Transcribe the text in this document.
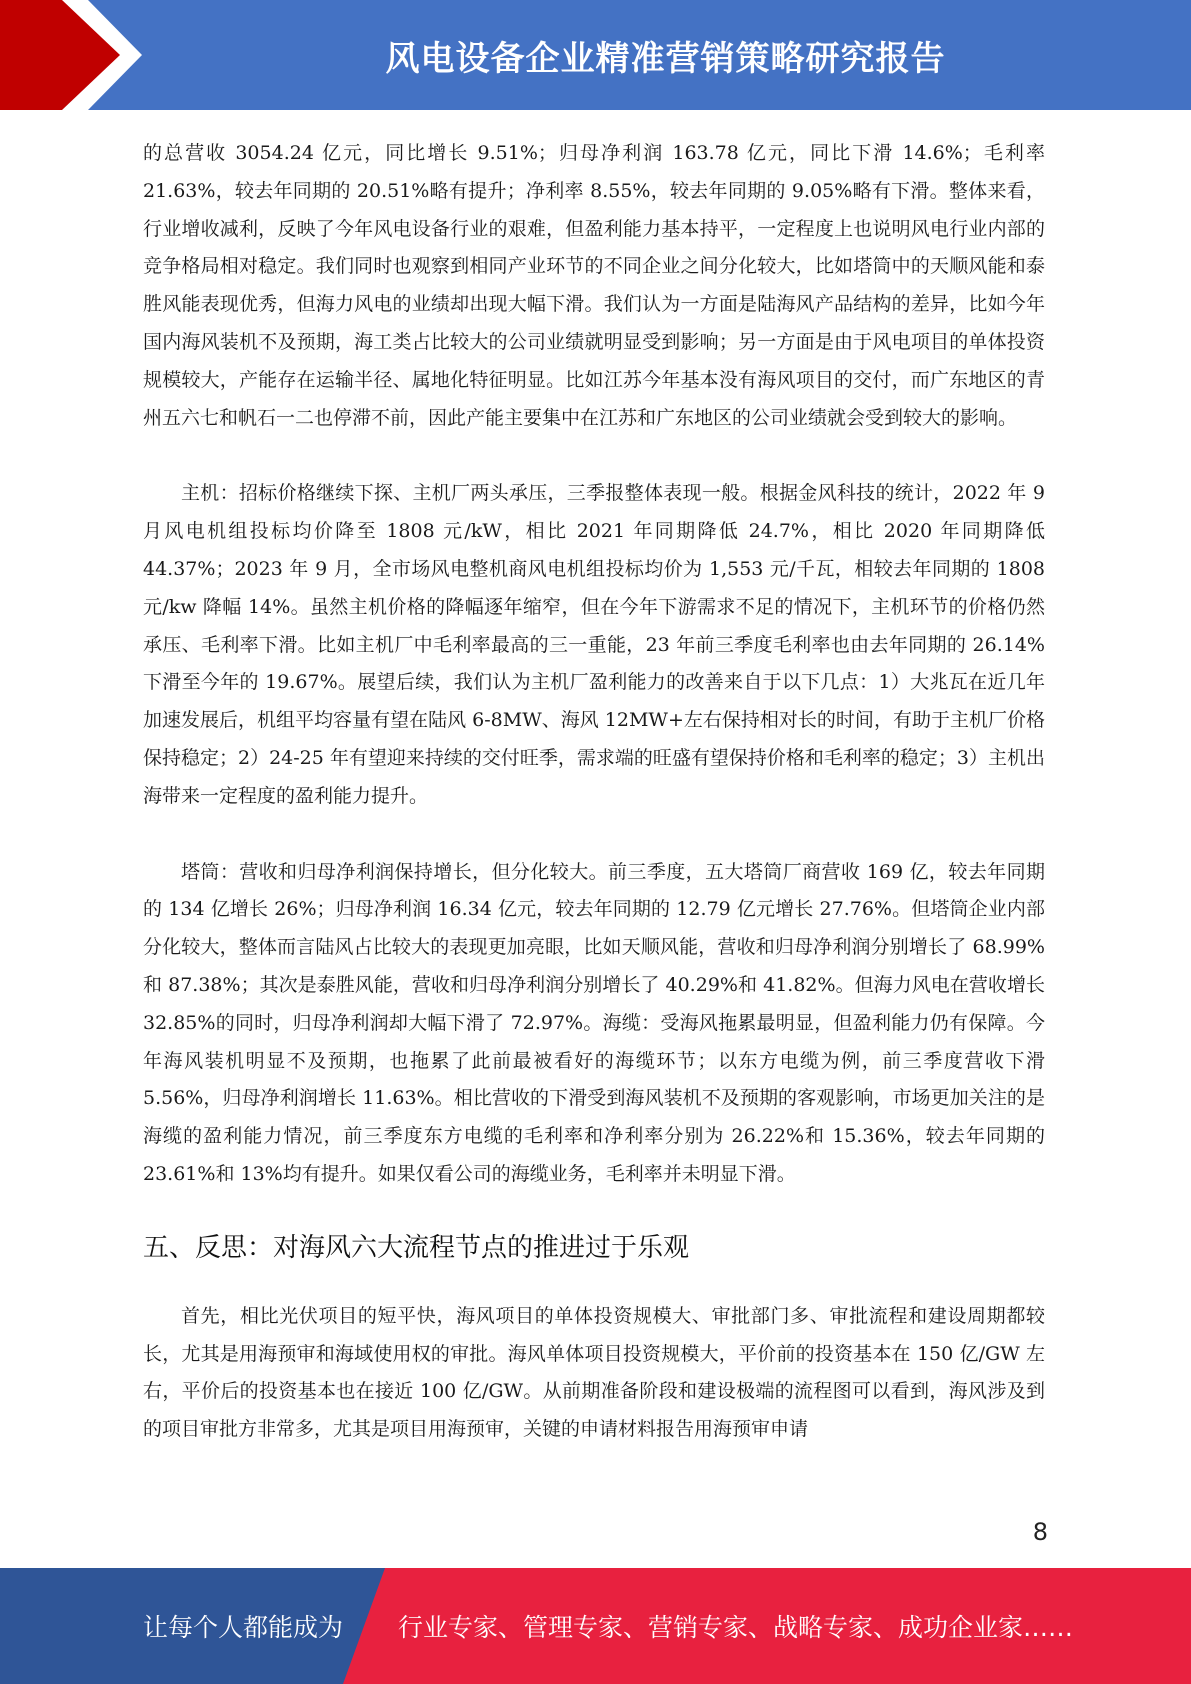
风电设备企业精准营销策略研究报告

的总营收 3054.24 亿元，同比增长 9.51%；归母净利润 163.78 亿元，同比下滑 14.6%；毛利率 21.63%，较去年同期的 20.51%略有提升；净利率 8.55%，较去年同期的 9.05%略有下滑。整体来看，行业增收减利，反映了今年风电设备行业的艰难，但盈利能力基本持平，一定程度上也说明风电行业内部的竞争格局相对稳定。我们同时也观察到相同产业环节的不同企业之间分化较大，比如塔筒中的天顺风能和泰胜风能表现优秀，但海力风电的业绩却出现大幅下滑。我们认为一方面是陆海风产品结构的差异，比如今年国内海风装机不及预期，海工类占比较大的公司业绩就明显受到影响；另一方面是由于风电项目的单体投资规模较大，产能存在运输半径、属地化特征明显。比如江苏今年基本没有海风项目的交付，而广东地区的青州五六七和帆石一二也停滞不前，因此产能主要集中在江苏和广东地区的公司业绩就会受到较大的影响。

主机：招标价格继续下探、主机厂两头承压，三季报整体表现一般。根据金风科技的统计，2022 年 9 月风电机组投标均价降至 1808 元/kW，相比 2021 年同期降低 24.7%，相比 2020 年同期降低 44.37%；2023 年 9 月，全市场风电整机商风电机组投标均价为 1,553 元/千瓦，相较去年同期的 1808 元/kw 降幅 14%。虽然主机价格的降幅逐年缩窄，但在今年下游需求不足的情况下，主机环节的价格仍然承压、毛利率下滑。比如主机厂中毛利率最高的三一重能，23 年前三季度毛利率也由去年同期的 26.14%下滑至今年的 19.67%。展望后续，我们认为主机厂盈利能力的改善来自于以下几点：1）大兆瓦在近几年加速发展后，机组平均容量有望在陆风 6-8MW、海风 12MW+左右保持相对长的时间，有助于主机厂价格保持稳定；2）24-25 年有望迎来持续的交付旺季，需求端的旺盛有望保持价格和毛利率的稳定；3）主机出海带来一定程度的盈利能力提升。

塔筒：营收和归母净利润保持增长，但分化较大。前三季度，五大塔筒厂商营收 169 亿，较去年同期的 134 亿增长 26%；归母净利润 16.34 亿元，较去年同期的 12.79 亿元增长 27.76%。但塔筒企业内部分化较大，整体而言陆风占比较大的表现更加亮眼，比如天顺风能，营收和归母净利润分别增长了 68.99%和 87.38%；其次是泰胜风能，营收和归母净利润分别增长了 40.29%和 41.82%。但海力风电在营收增长 32.85%的同时，归母净利润却大幅下滑了 72.97%。海缆：受海风拖累最明显，但盈利能力仍有保障。今年海风装机明显不及预期，也拖累了此前最被看好的海缆环节；以东方电缆为例，前三季度营收下滑 5.56%，归母净利润增长 11.63%。相比营收的下滑受到海风装机不及预期的客观影响，市场更加关注的是海缆的盈利能力情况，前三季度东方电缆的毛利率和净利率分别为 26.22%和 15.36%，较去年同期的 23.61%和 13%均有提升。如果仅看公司的海缆业务，毛利率并未明显下滑。

五、反思：对海风六大流程节点的推进过于乐观

首先，相比光伏项目的短平快，海风项目的单体投资规模大、审批部门多、审批流程和建设周期都较长，尤其是用海预审和海域使用权的审批。海风单体项目投资规模大，平价前的投资基本在 150 亿/GW 左右，平价后的投资基本也在接近 100 亿/GW。从前期准备阶段和建设极端的流程图可以看到，海风涉及到的项目审批方非常多，尤其是项目用海预审，关键的申请材料报告用海预审申请

8
让每个人都能成为 行业专家、管理专家、营销专家、战略专家、成功企业家……
